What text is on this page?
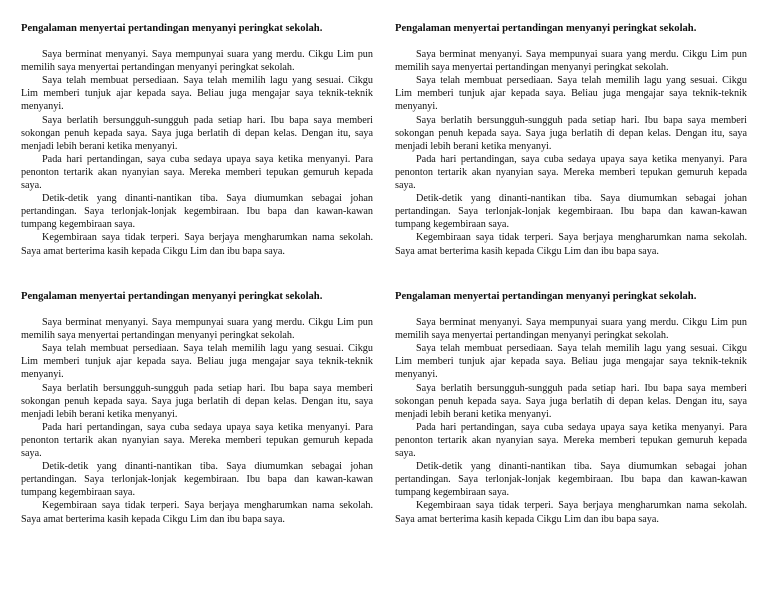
Pengalaman menyertai pertandingan menyanyi peringkat sekolah.

Saya berminat menyanyi. Saya mempunyai suara yang merdu. Cikgu Lim pun memilih saya menyertai pertandingan menyanyi peringkat sekolah.

Saya telah membuat persediaan. Saya telah memilih lagu yang sesuai. Cikgu Lim memberi tunjuk ajar kepada saya. Beliau juga mengajar saya teknik-teknik menyanyi.

Saya berlatih bersungguh-sungguh pada setiap hari. Ibu bapa saya memberi sokongan penuh kepada saya. Saya juga berlatih di depan kelas. Dengan itu, saya menjadi lebih berani ketika menyanyi.

Pada hari pertandingan, saya cuba sedaya upaya saya ketika menyanyi. Para penonton tertarik akan nyanyian saya. Mereka memberi tepukan gemuruh kepada saya.

Detik-detik yang dinanti-nantikan tiba. Saya diumumkan sebagai johan pertandingan. Saya terlonjak-lonjak kegembiraan. Ibu bapa dan kawan-kawan tumpang kegembiraan saya.

Kegembiraan saya tidak terperi. Saya berjaya mengharumkan nama sekolah. Saya amat berterima kasih kepada Cikgu Lim dan ibu bapa saya.

Pengalaman menyertai pertandingan menyanyi peringkat sekolah.

Saya berminat menyanyi. Saya mempunyai suara yang merdu. Cikgu Lim pun memilih saya menyertai pertandingan menyanyi peringkat sekolah.

Saya telah membuat persediaan. Saya telah memilih lagu yang sesuai. Cikgu Lim memberi tunjuk ajar kepada saya. Beliau juga mengajar saya teknik-teknik menyanyi.

Saya berlatih bersungguh-sungguh pada setiap hari. Ibu bapa saya memberi sokongan penuh kepada saya. Saya juga berlatih di depan kelas. Dengan itu, saya menjadi lebih berani ketika menyanyi.

Pada hari pertandingan, saya cuba sedaya upaya saya ketika menyanyi. Para penonton tertarik akan nyanyian saya. Mereka memberi tepukan gemuruh kepada saya.

Detik-detik yang dinanti-nantikan tiba. Saya diumumkan sebagai johan pertandingan. Saya terlonjak-lonjak kegembiraan. Ibu bapa dan kawan-kawan tumpang kegembiraan saya.

Kegembiraan saya tidak terperi. Saya berjaya mengharumkan nama sekolah. Saya amat berterima kasih kepada Cikgu Lim dan ibu bapa saya.

Pengalaman menyertai pertandingan menyanyi peringkat sekolah.

Saya berminat menyanyi. Saya mempunyai suara yang merdu. Cikgu Lim pun memilih saya menyertai pertandingan menyanyi peringkat sekolah.

Saya telah membuat persediaan. Saya telah memilih lagu yang sesuai. Cikgu Lim memberi tunjuk ajar kepada saya. Beliau juga mengajar saya teknik-teknik menyanyi.

Saya berlatih bersungguh-sungguh pada setiap hari. Ibu bapa saya memberi sokongan penuh kepada saya. Saya juga berlatih di depan kelas. Dengan itu, saya menjadi lebih berani ketika menyanyi.

Pada hari pertandingan, saya cuba sedaya upaya saya ketika menyanyi. Para penonton tertarik akan nyanyian saya. Mereka memberi tepukan gemuruh kepada saya.

Detik-detik yang dinanti-nantikan tiba. Saya diumumkan sebagai johan pertandingan. Saya terlonjak-lonjak kegembiraan. Ibu bapa dan kawan-kawan tumpang kegembiraan saya.

Kegembiraan saya tidak terperi. Saya berjaya mengharumkan nama sekolah. Saya amat berterima kasih kepada Cikgu Lim dan ibu bapa saya.

Pengalaman menyertai pertandingan menyanyi peringkat sekolah.

Saya berminat menyanyi. Saya mempunyai suara yang merdu. Cikgu Lim pun memilih saya menyertai pertandingan menyanyi peringkat sekolah.

Saya telah membuat persediaan. Saya telah memilih lagu yang sesuai. Cikgu Lim memberi tunjuk ajar kepada saya. Beliau juga mengajar saya teknik-teknik menyanyi.

Saya berlatih bersungguh-sungguh pada setiap hari. Ibu bapa saya memberi sokongan penuh kepada saya. Saya juga berlatih di depan kelas. Dengan itu, saya menjadi lebih berani ketika menyanyi.

Pada hari pertandingan, saya cuba sedaya upaya saya ketika menyanyi. Para penonton tertarik akan nyanyian saya. Mereka memberi tepukan gemuruh kepada saya.

Detik-detik yang dinanti-nantikan tiba. Saya diumumkan sebagai johan pertandingan. Saya terlonjak-lonjak kegembiraan. Ibu bapa dan kawan-kawan tumpang kegembiraan saya.

Kegembiraan saya tidak terperi. Saya berjaya mengharumkan nama sekolah. Saya amat berterima kasih kepada Cikgu Lim dan ibu bapa saya.
